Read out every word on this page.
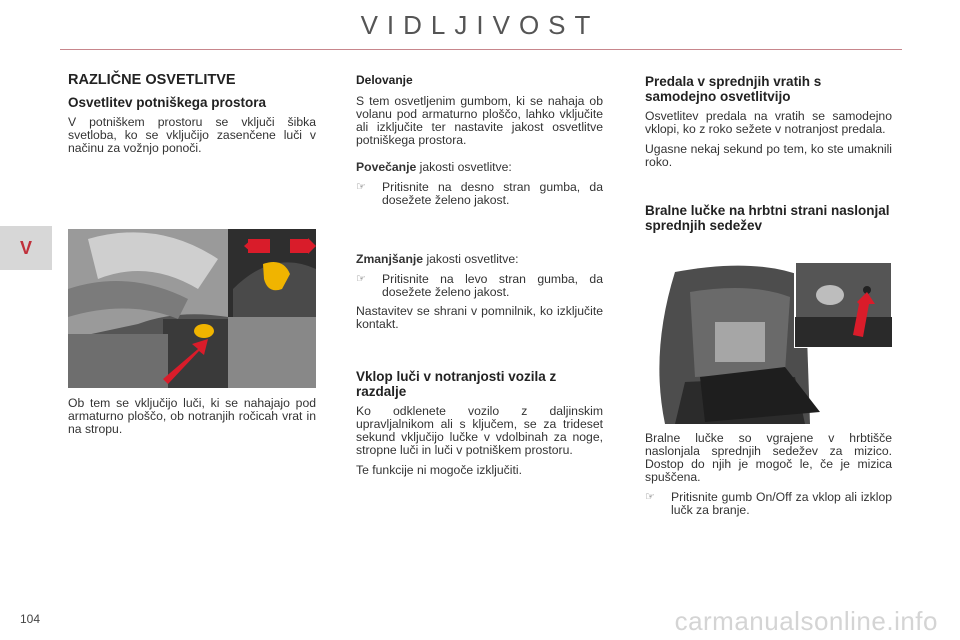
VIDLJIVOST
V
RAZLIČNE OSVETLITVE
Osvetlitev potniškega prostora

V potniškem prostoru se vključi šibka svetloba, ko se vključijo zasenčene luči v načinu za vožnjo ponoči.

Ob tem se vključijo luči, ki se nahajajo pod armaturno ploščo, ob notranjih ročicah vrat in na stropu.

Delovanje

S tem osvetljenim gumbom, ki se nahaja ob volanu pod armaturno ploščo, lahko vključite ali izključite ter nastavite jakost osvetlitve potniškega prostora.

Povečanje jakosti osvetlitve:

☞	Pritisnite na desno stran gumba, da dosežete želeno jakost.

Zmanjšanje jakosti osvetlitve:

☞	Pritisnite na levo stran gumba, da dosežete želeno jakost.

Nastavitev se shrani v pomnilnik, ko izključite kontakt.

Vklop luči v notranjosti vozila z razdalje

Ko odklenete vozilo z daljinskim upravljalnikom ali s ključem, se za trideset sekund vključijo lučke v vdolbinah za noge, stropne luči in luči v potniškem prostoru.

Te funkcije ni mogoče izključiti.

Predala v sprednjih vratih s samodejno osvetlitvijo

Osvetlitev predala na vratih se samodejno vklopi, ko z roko sežete v notranjost predala.

Ugasne nekaj sekund po tem, ko ste umaknili roko.

Bralne lučke na hrbtni strani naslonjal sprednjih sedežev

Bralne lučke so vgrajene v hrbtišče naslonjala sprednjih sedežev za mizico. Dostop do njih je mogoč le, če je mizica spuščena.

☞	Pritisnite gumb On/Off za vklop ali izklop lučk za branje.
104	carmanualsonline.info
